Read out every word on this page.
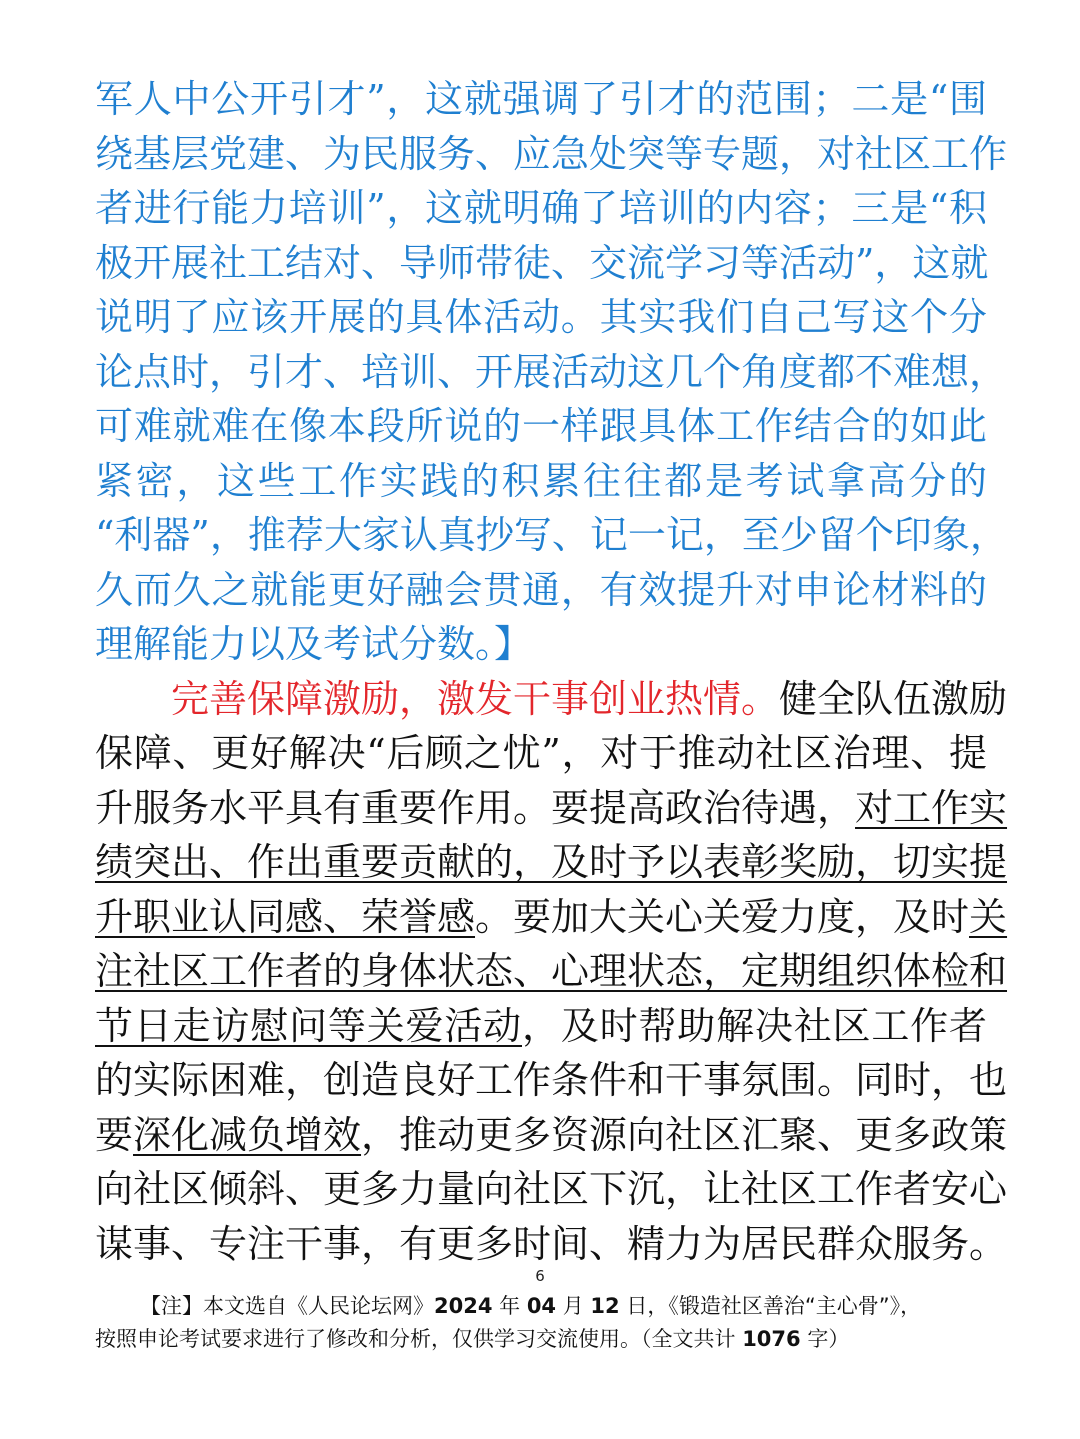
军人中公开引才”，这就强调了引才的范围；二是“围
绕基层党建、为民服务、应急处突等专题，对社区工作
者进行能力培训”，这就明确了培训的内容；三是“积
极开展社工结对、导师带徒、交流学习等活动”，这就
说明了应该开展的具体活动。其实我们自己写这个分
论点时，引才、培训、开展活动这几个角度都不难想，
可难就难在像本段所说的一样跟具体工作结合的如此
紧密，这些工作实践的积累往往都是考试拿高分的
“利器”，推荐大家认真抄写、记一记，至少留个印象，
久而久之就能更好融会贯通，有效提升对申论材料的
理解能力以及考试分数。】
完善保障激励，激发干事创业热情。健全队伍激励
保障、更好解决“后顾之忧”，对于推动社区治理、提
升服务水平具有重要作用。要提高政治待遇，对工作实
绩突出、作出重要贡献的，及时予以表彰奖励，切实提
升职业认同感、荣誉感。要加大关心关爱力度，及时关
注社区工作者的身体状态、心理状态，定期组织体检和
节日走访慰问等关爱活动，及时帮助解决社区工作者
的实际困难，创造良好工作条件和干事氛围。同时，也
要深化减负增效，推动更多资源向社区汇聚、更多政策
向社区倾斜、更多力量向社区下沉，让社区工作者安心
谋事、专注干事，有更多时间、精力为居民群众服务。
6
【注】本文选自《人民论坛网》2024 年 04 月 12 日，《锻造社区善治“主心骨”》，
按照申论考试要求进行了修改和分析，仅供学习交流使用。（全文共计 1076 字）
